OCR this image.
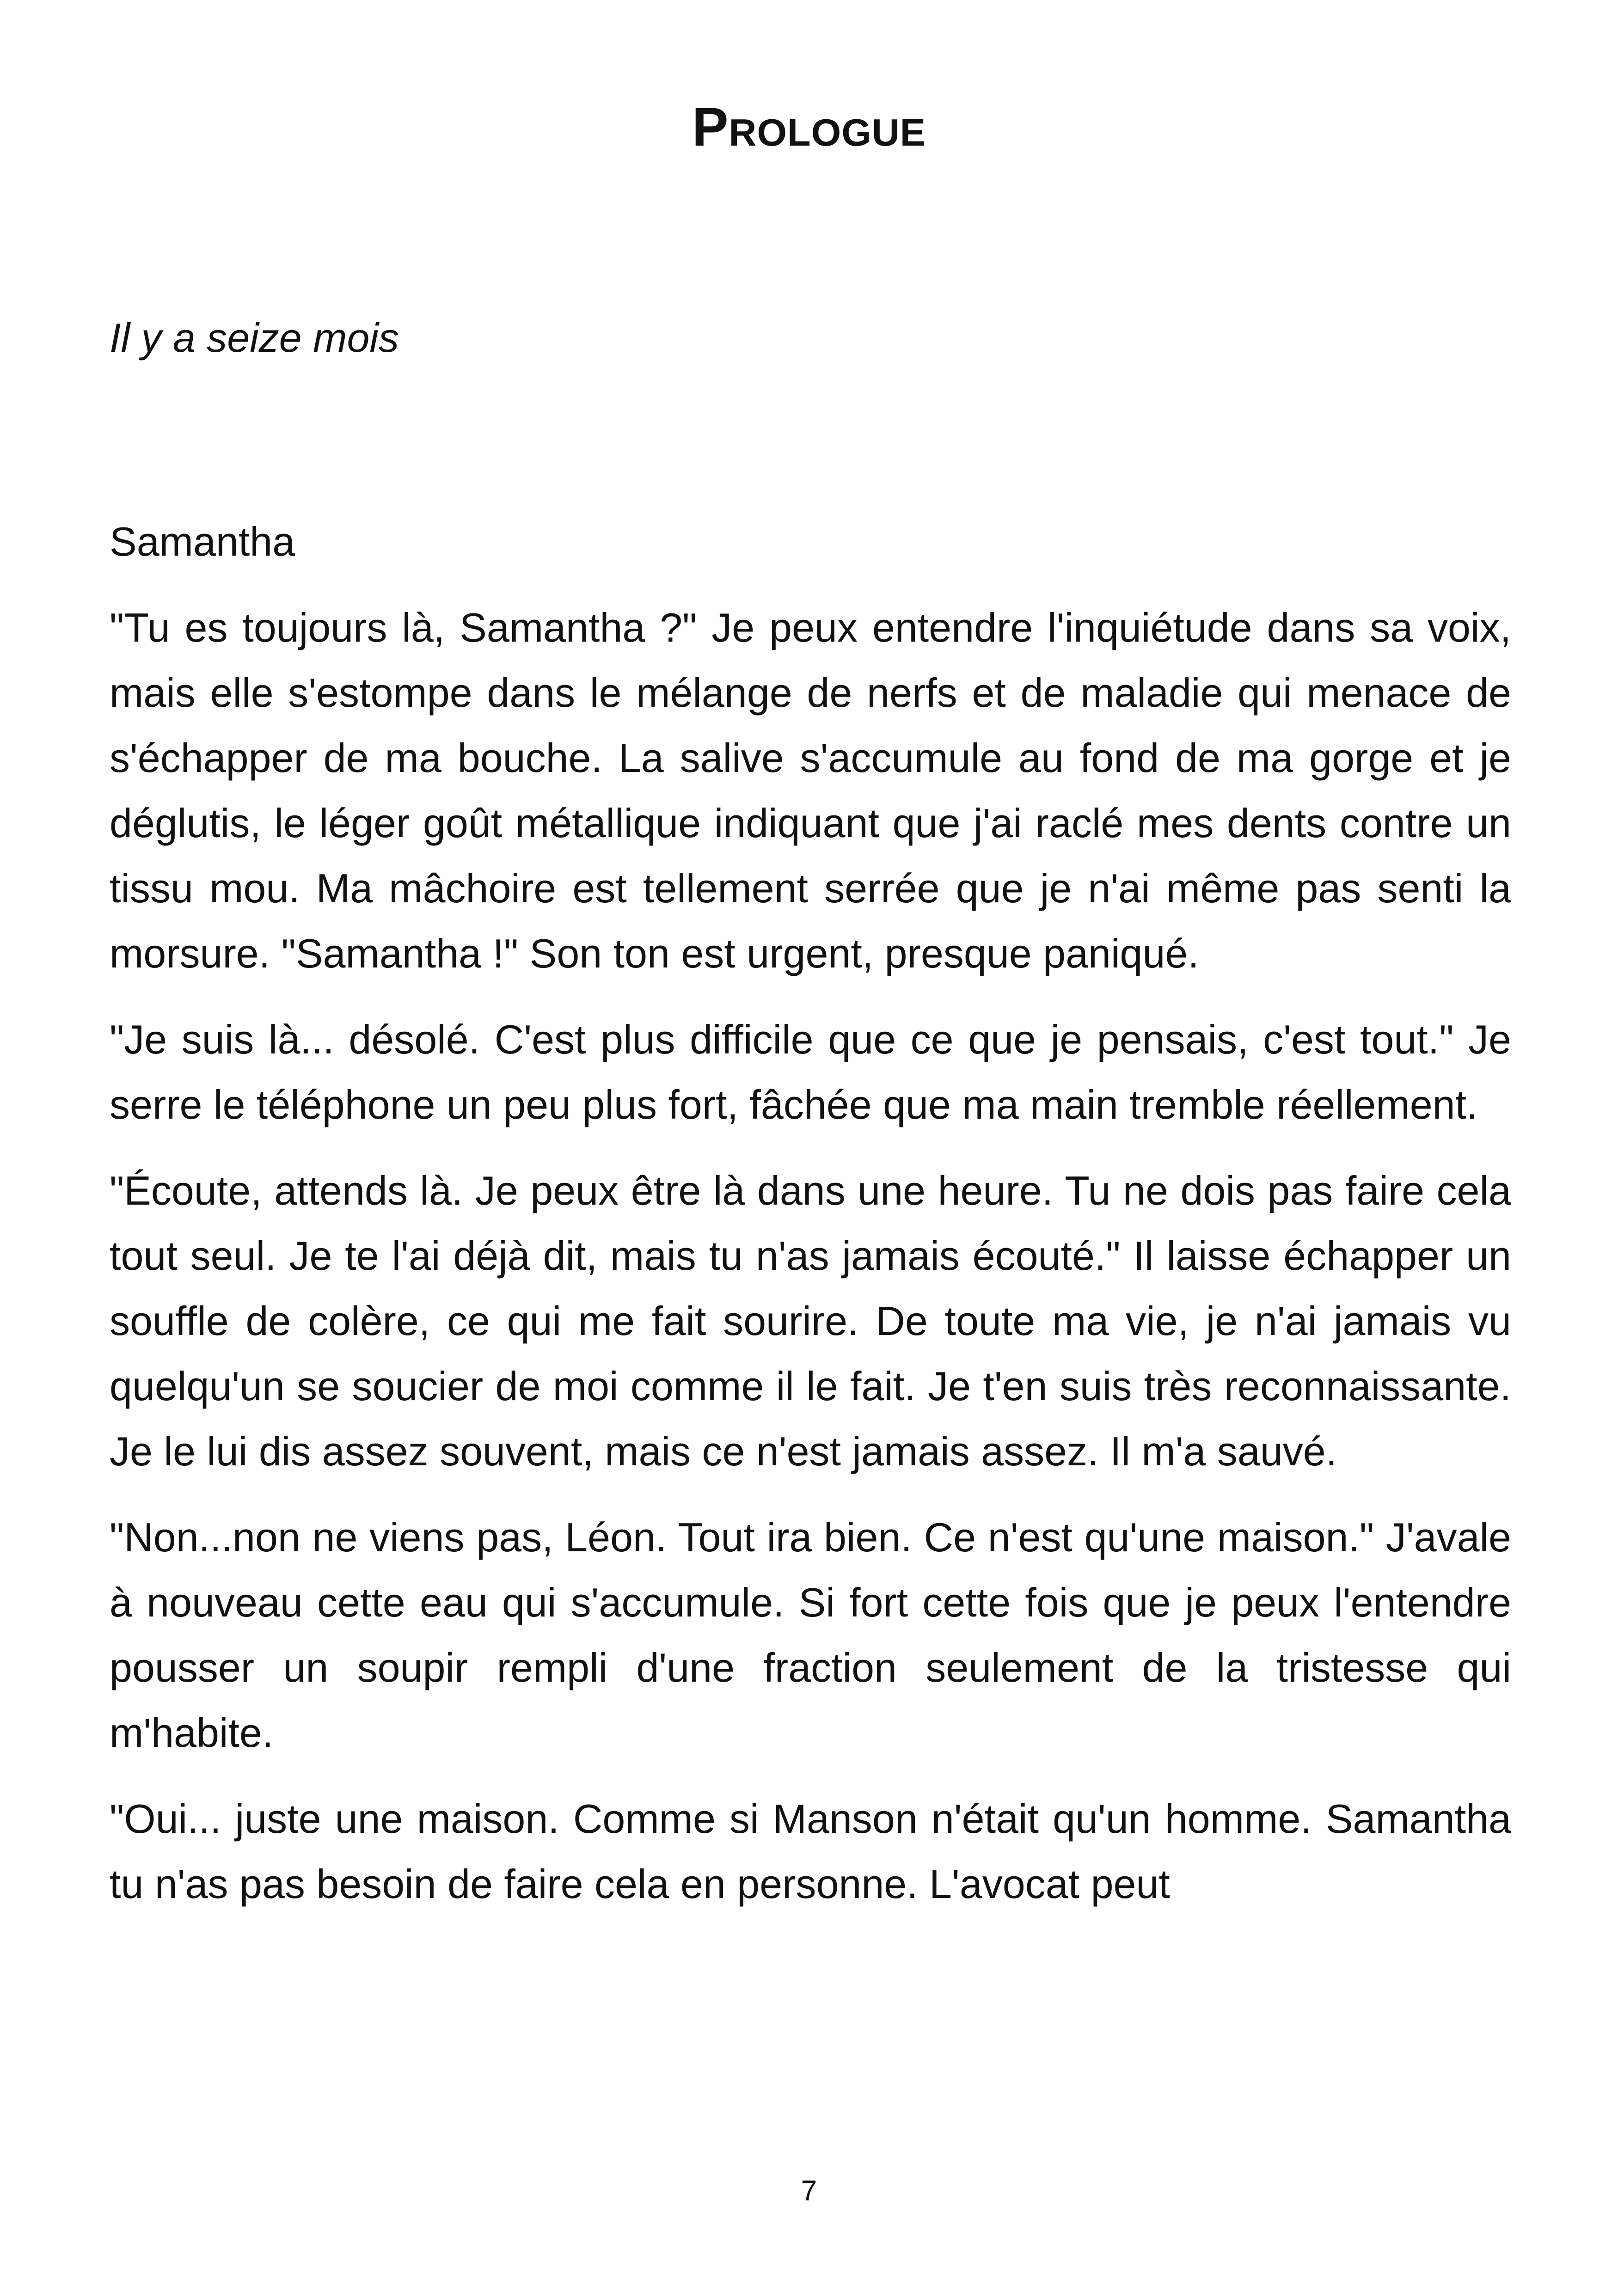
Prologue

Il y a seize mois

Samantha

"Tu es toujours là, Samantha ?" Je peux entendre l'inquiétude dans sa voix, mais elle s'estompe dans le mélange de nerfs et de maladie qui menace de s'échapper de ma bouche. La salive s'accumule au fond de ma gorge et je déglutis, le léger goût métallique indiquant que j'ai raclé mes dents contre un tissu mou. Ma mâchoire est tellement serrée que je n'ai même pas senti la morsure. "Samantha !" Son ton est urgent, presque paniqué.

"Je suis là... désolé. C'est plus difficile que ce que je pensais, c'est tout." Je serre le téléphone un peu plus fort, fâchée que ma main tremble réellement.

"Écoute, attends là. Je peux être là dans une heure. Tu ne dois pas faire cela tout seul. Je te l'ai déjà dit, mais tu n'as jamais écouté." Il laisse échapper un souffle de colère, ce qui me fait sourire. De toute ma vie, je n'ai jamais vu quelqu'un se soucier de moi comme il le fait. Je t'en suis très reconnaissante. Je le lui dis assez souvent, mais ce n'est jamais assez. Il m'a sauvé.

"Non...non ne viens pas, Léon. Tout ira bien. Ce n'est qu'une maison." J'avale à nouveau cette eau qui s'accumule. Si fort cette fois que je peux l'entendre pousser un soupir rempli d'une fraction seulement de la tristesse qui m'habite.

"Oui... juste une maison. Comme si Manson n'était qu'un homme. Samantha tu n'as pas besoin de faire cela en personne. L'avocat peut

7
